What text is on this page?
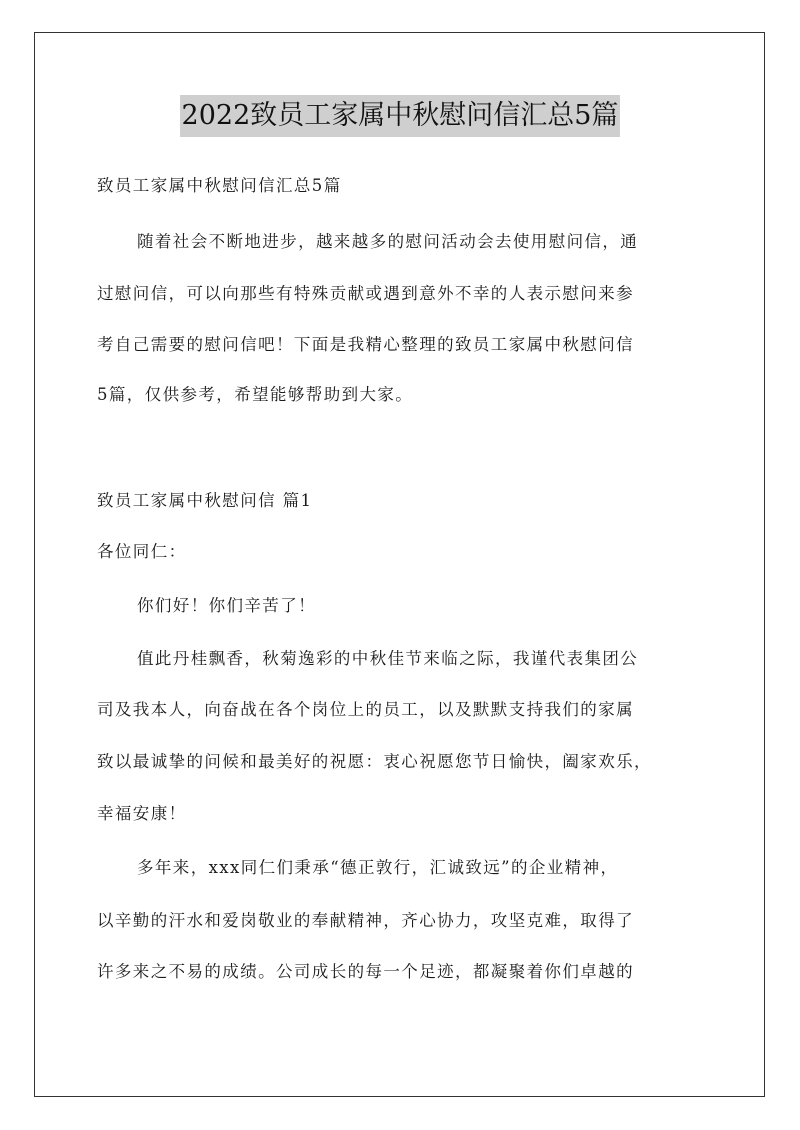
2022致员工家属中秋慰问信汇总5篇
致员工家属中秋慰问信汇总5篇
随着社会不断地进步，越来越多的慰问活动会去使用慰问信，通
过慰问信，可以向那些有特殊贡献或遇到意外不幸的人表示慰问来参
考自己需要的慰问信吧！下面是我精心整理的致员工家属中秋慰问信
5篇，仅供参考，希望能够帮助到大家。
致员工家属中秋慰问信 篇1
各位同仁：
你们好！你们辛苦了！
值此丹桂飘香，秋菊逸彩的中秋佳节来临之际，我谨代表集团公
司及我本人，向奋战在各个岗位上的员工，以及默默支持我们的家属
致以最诚挚的问候和最美好的祝愿：衷心祝愿您节日愉快，阖家欢乐，
幸福安康！
多年来，xxx同仁们秉承“德正敦行，汇诚致远”的企业精神，
以辛勤的汗水和爱岗敬业的奉献精神，齐心协力，攻坚克难，取得了
许多来之不易的成绩。公司成长的每一个足迹，都凝聚着你们卓越的
